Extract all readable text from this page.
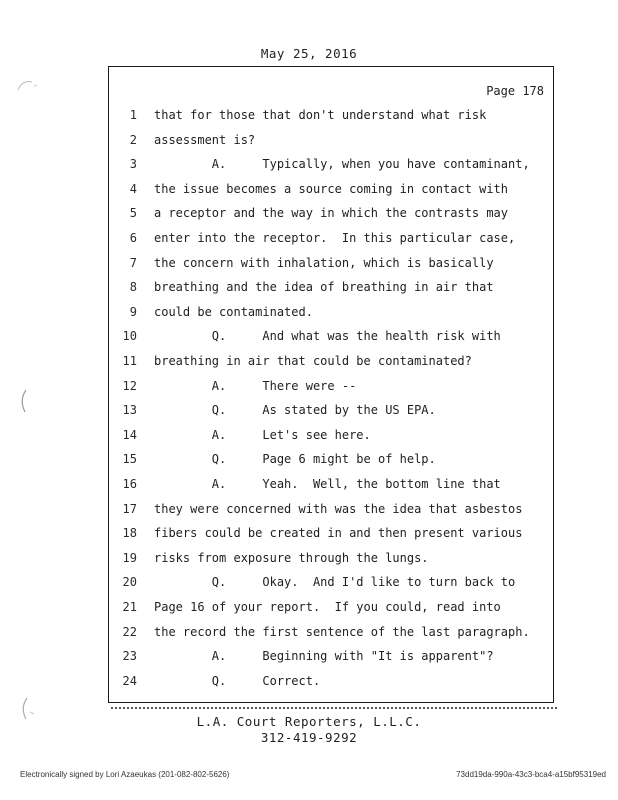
May 25, 2016
Page 178
1 that for those that don't understand what risk
2 assessment is?
3 A.     Typically, when you have contaminant,
4 the issue becomes a source coming in contact with
5 a receptor and the way in which the contrasts may
6 enter into the receptor.  In this particular case,
7 the concern with inhalation, which is basically
8 breathing and the idea of breathing in air that
9 could be contaminated.
10 Q.     And what was the health risk with
11 breathing in air that could be contaminated?
12 A.     There were --
13 Q.     As stated by the US EPA.
14 A.     Let's see here.
15 Q.     Page 6 might be of help.
16 A.     Yeah.  Well, the bottom line that
17 they were concerned with was the idea that asbestos
18 fibers could be created in and then present various
19 risks from exposure through the lungs.
20 Q.     Okay.  And I'd like to turn back to
21 Page 16 of your report.  If you could, read into
22 the record the first sentence of the last paragraph.
23 A.     Beginning with "It is apparent"?
24 Q.     Correct.
L.A. Court Reporters, L.L.C.
312-419-9292
Electronically signed by Lori Azaeukas (201-082-802-5626)	73dd19da-990a-43c3-bca4-a15bf95319ed
